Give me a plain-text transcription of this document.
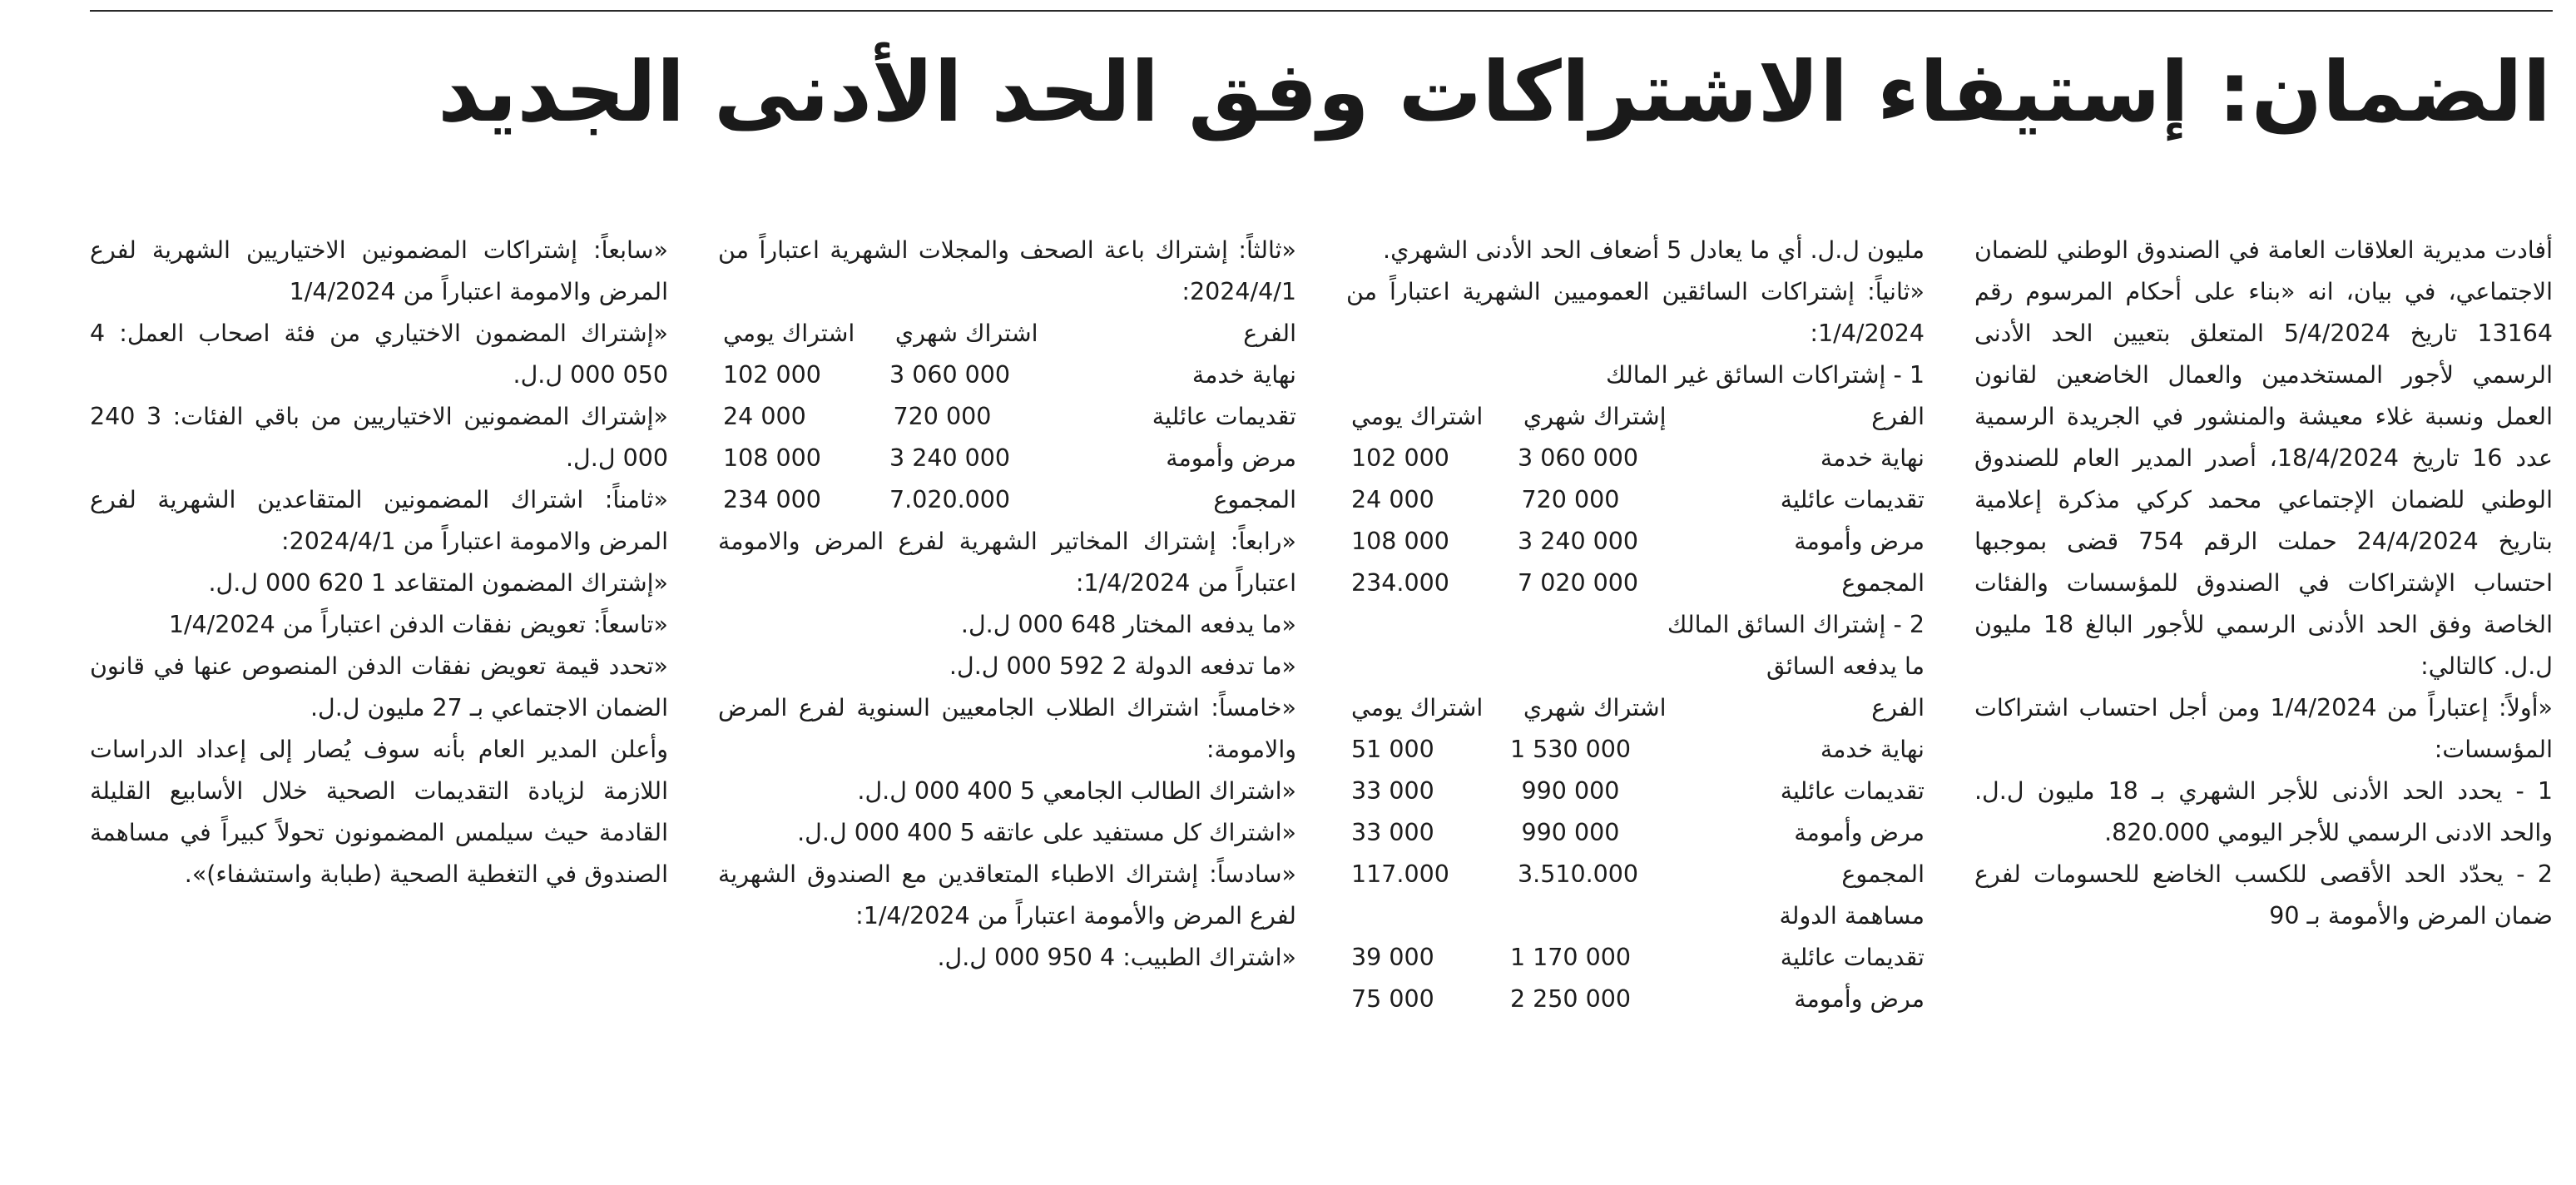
الضمان: إستيفاء الاشتراكات وفق الحد الأدنى الجديد

أفادت مديرية العلاقات العامة في الصندوق الوطني للضمان الاجتماعي، في بيان، انه «بناء على أحكام المرسوم رقم 13164 تاريخ 5/4/2024 المتعلق بتعيين الحد الأدنى الرسمي لأجور المستخدمين والعمال الخاضعين لقانون العمل ونسبة غلاء معيشة والمنشور في الجريدة الرسمية عدد 16 تاريخ 18/4/2024، أصدر المدير العام للصندوق الوطني للضمان الإجتماعي محمد كركي مذكرة إعلامية بتاريخ 24/4/2024 حملت الرقم 754 قضى بموجبها احتساب الإشتراكات في الصندوق للمؤسسات والفئات الخاصة وفق الحد الأدنى الرسمي للأجور البالغ 18 مليون ل.ل. كالتالي:

«أولاً: إعتباراً من 1/4/2024 ومن أجل احتساب اشتراكات المؤسسات:

1 - يحدد الحد الأدنى للأجر الشهري بـ 18 مليون ل.ل. والحد الادنى الرسمي للأجر اليومي 820.000.

2 - يحدّد الحد الأقصى للكسب الخاضع للحسومات لفرع ضمان المرض والأمومة بـ 90

مليون ل.ل. أي ما يعادل 5 أضعاف الحد الأدنى الشهري.

«ثانياً: إشتراكات السائقين العموميين الشهرية اعتباراً من 1/4/2024:

1 - إشتراكات السائق غير المالك

الفرع
إشتراك شهري
اشتراك يومي
نهاية خدمة
3 060 000
102 000
تقديمات عائلية
720 000
24 000
مرض وأمومة
3 240 000
108 000
المجموع
7 020 000
234.000

2 - إشتراك السائق المالك

ما يدفعه السائق

الفرع
اشتراك شهري
اشتراك يومي
نهاية خدمة
1 530 000
51 000
تقديمات عائلية
990 000
33 000
مرض وأمومة
990 000
33 000
المجموع
3.510.000
117.000

مساهمة الدولة

تقديمات عائلية
1 170 000
39 000
مرض وأمومة
2 250 000
75 000

«ثالثاً: إشتراك باعة الصحف والمجلات الشهرية اعتباراً من 2024/4/1:

الفرع
اشتراك شهري
اشتراك يومي
نهاية خدمة
3 060 000
102 000
تقديمات عائلية
720 000
24 000
مرض وأمومة
3 240 000
108 000
المجموع
7.020.000
234 000

«رابعاً: إشتراك المخاتير الشهرية لفرع المرض والامومة اعتباراً من 1/4/2024:

«ما يدفعه المختار 648 000 ل.ل.

«ما تدفعه الدولة 2 592 000 ل.ل.

«خامساً: اشتراك الطلاب الجامعيين السنوية لفرع المرض والامومة:

«اشتراك الطالب الجامعي 5 400 000 ل.ل.

«اشتراك كل مستفيد على عاتقه 5 400 000 ل.ل.

«سادساً: إشتراك الاطباء المتعاقدين مع الصندوق الشهرية لفرع المرض والأمومة اعتباراً من 1/4/2024:

«اشتراك الطبيب: 4 950 000 ل.ل.

«سابعاً: إشتراكات المضمونين الاختياريين الشهرية لفرع المرض والامومة اعتباراً من 1/4/2024

«إشتراك المضمون الاختياري من فئة اصحاب العمل: 4 050 000 ل.ل.

«إشتراك المضمونين الاختياريين من باقي الفئات: 3 240 000 ل.ل.

«ثامناً: اشتراك المضمونين المتقاعدين الشهرية لفرع المرض والامومة اعتباراً من 2024/4/1:

«إشتراك المضمون المتقاعد 1 620 000 ل.ل.

«تاسعاً: تعويض نفقات الدفن اعتباراً من 1/4/2024

«تحدد قيمة تعويض نفقات الدفن المنصوص عنها في قانون الضمان الاجتماعي بـ 27 مليون ل.ل.

وأعلن المدير العام بأنه سوف يُصار إلى إعداد الدراسات اللازمة لزيادة التقديمات الصحية خلال الأسابيع القليلة القادمة حيث سيلمس المضمونون تحولاً كبيراً في مساهمة الصندوق في التغطية الصحية (طبابة واستشفاء)».
